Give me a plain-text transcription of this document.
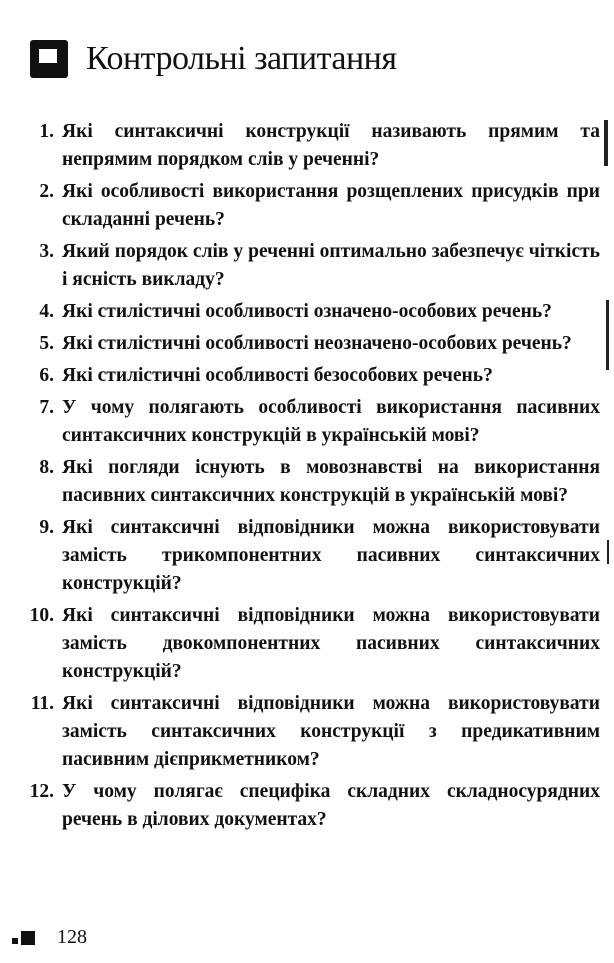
Контрольні запитання
1. Які синтаксичні конструкції називають прямим та непрямим порядком слів у реченні?
2. Які особливості використання розщеплених присудків при складанні речень?
3. Який порядок слів у реченні оптимально забезпечує чіткість і ясність викладу?
4. Які стилістичні особливості означено-особових речень?
5. Які стилістичні особливості неозначено-особових речень?
6. Які стилістичні особливості безособових речень?
7. У чому полягають особливості використання пасивних синтаксичних конструкцій в українській мові?
8. Які погляди існують в мовознавстві на використання пасивних синтаксичних конструкцій в українській мові?
9. Які синтаксичні відповідники можна використовувати замість трикомпонентних пасивних синтаксичних конструкцій?
10. Які синтаксичні відповідники можна використовувати замість двокомпонентних пасивних синтаксичних конструкцій?
11. Які синтаксичні відповідники можна використовувати замість синтаксичних конструкції з предикативним пасивним дієприкметником?
12. У чому полягає специфіка складних складносурядних речень в ділових документах?
128
